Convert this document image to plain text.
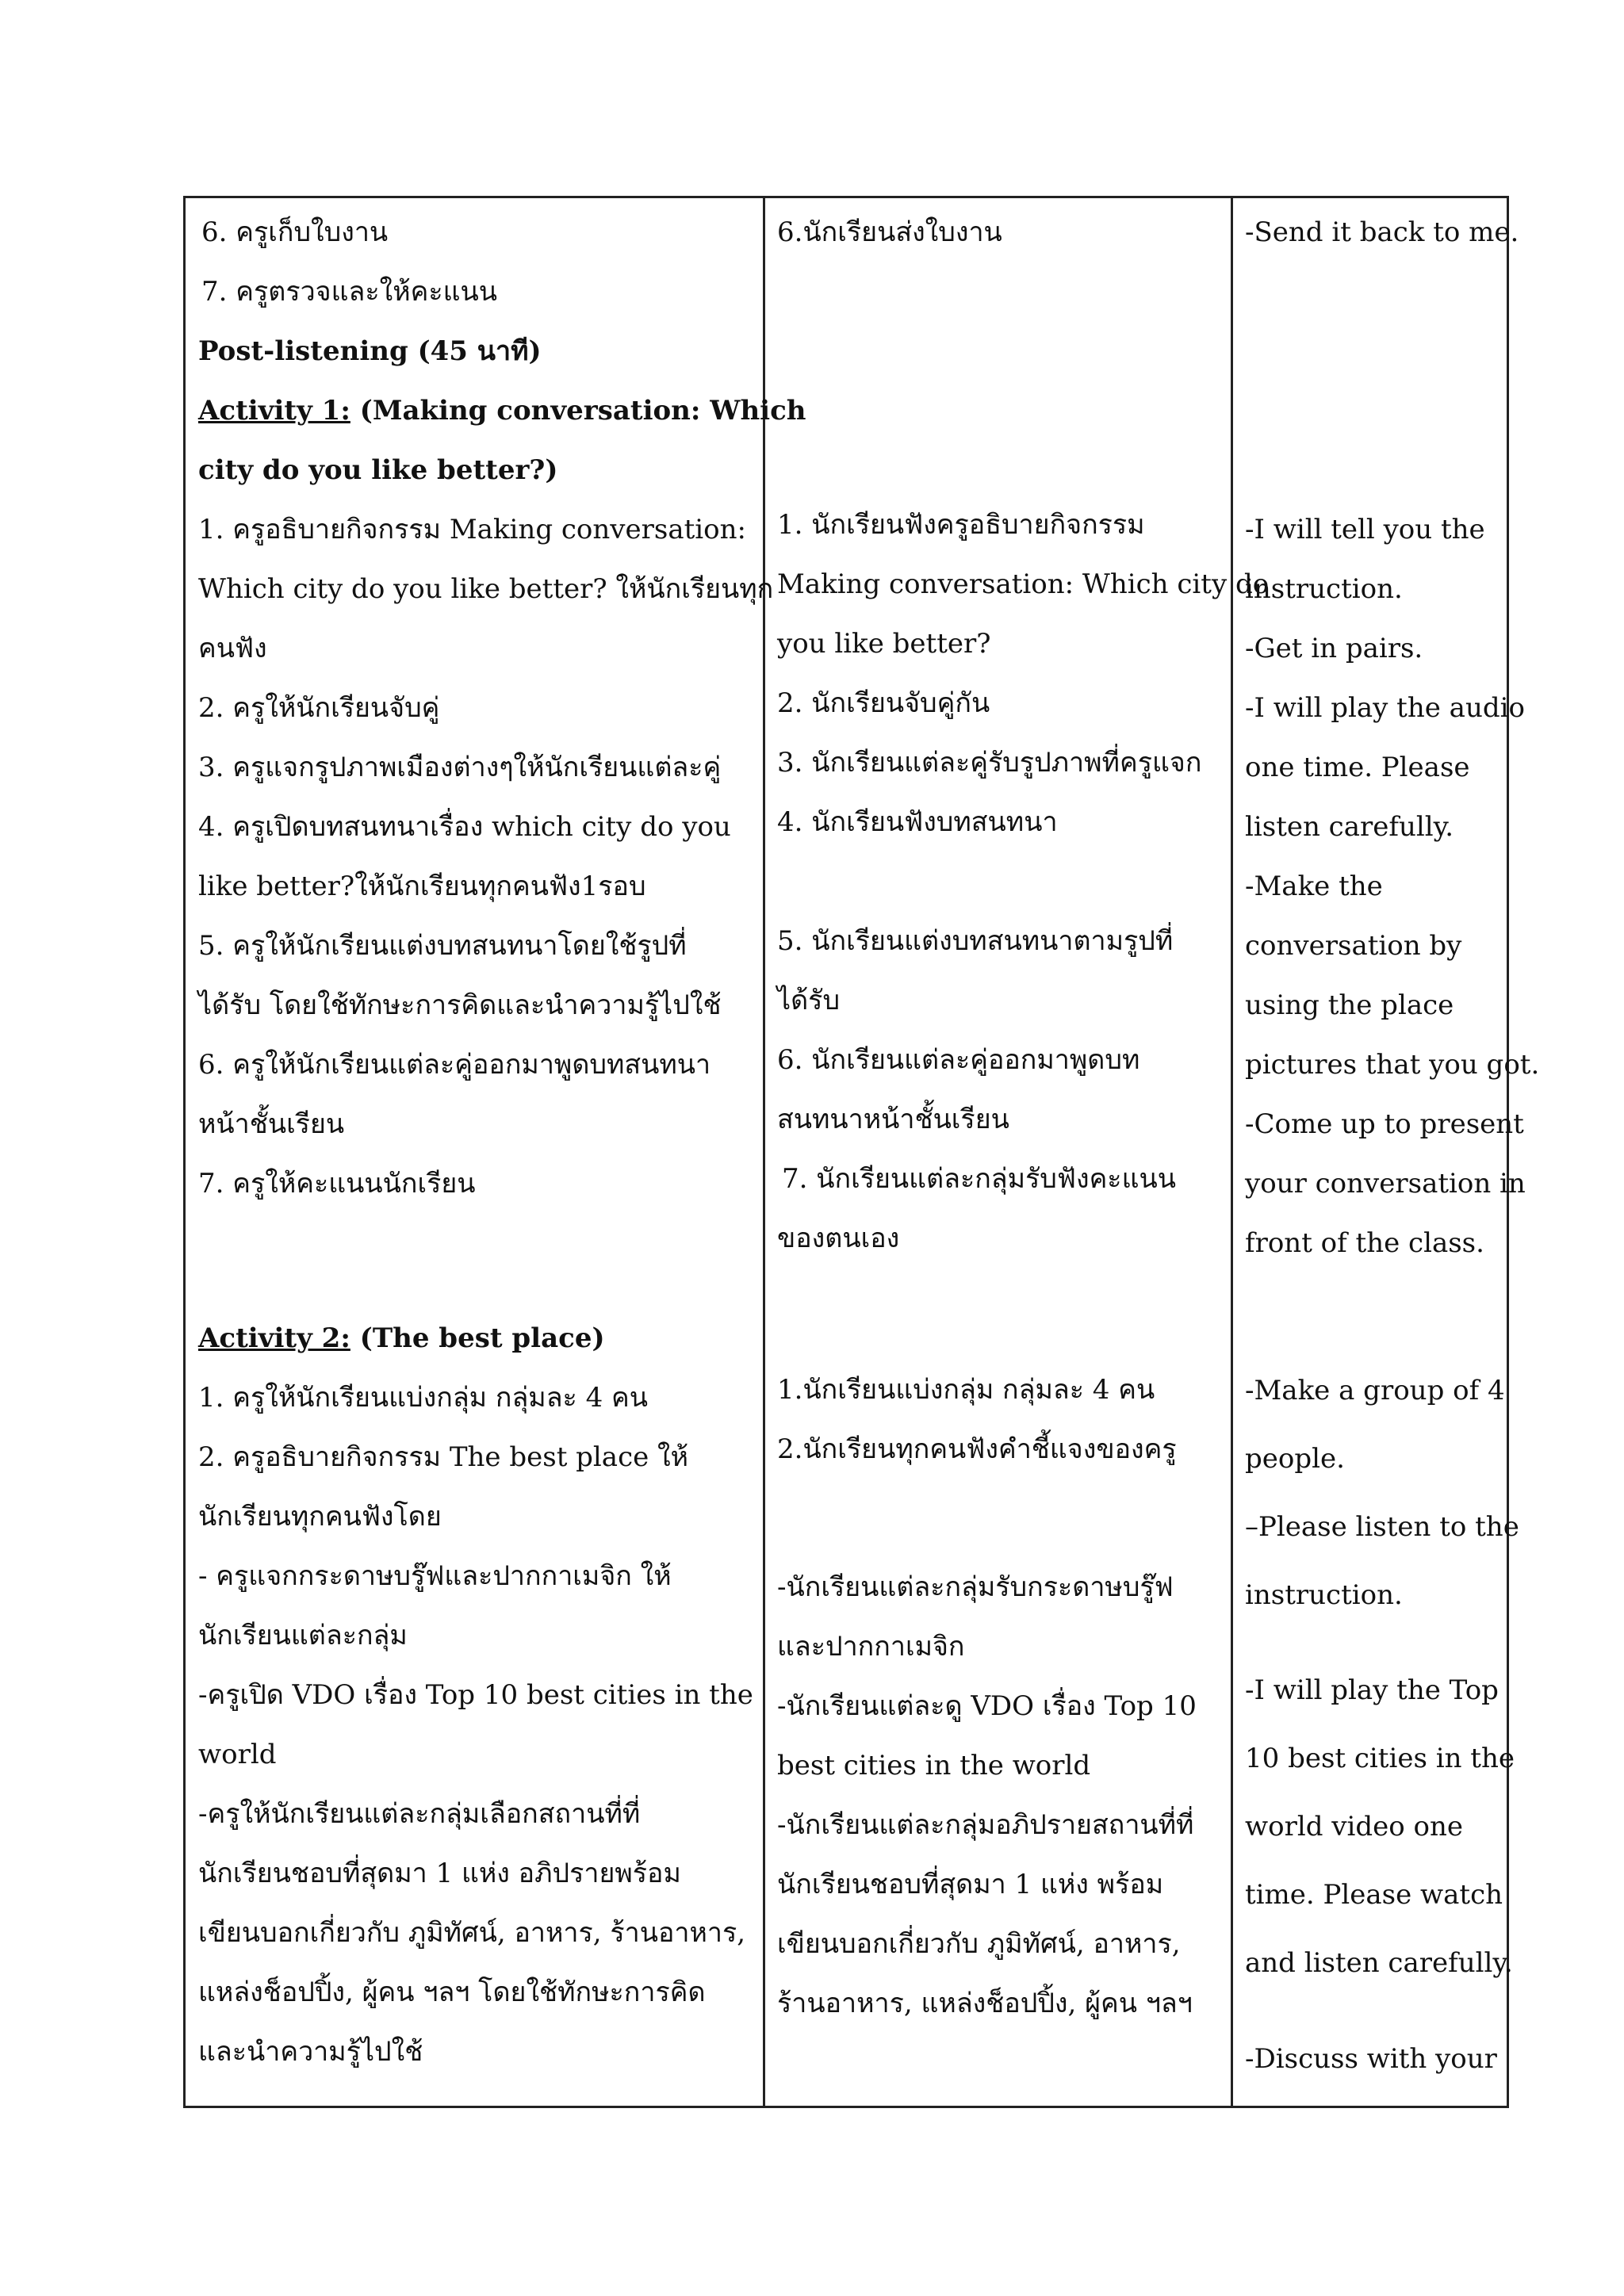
6. ครูเก็บใบงาน
7. ครูตรวจและให้คะแนน
Post-listening (45 นาที)
Activity 1: (Making conversation: Which
city do you like better?)
1. ครูอธิบายกิจกรรม Making conversation:
Which city do you like better? ให้นักเรียนทุก
คนฟัง
2. ครูให้นักเรียนจับคู่
3. ครูแจกรูปภาพเมืองต่างๆให้นักเรียนแต่ละคู่
4. ครูเปิดบทสนทนาเรื่อง which city do you
like better?ให้นักเรียนทุกคนฟัง1รอบ
5. ครูให้นักเรียนแต่งบทสนทนาโดยใช้รูปที่
ได้รับ โดยใช้ทักษะการคิดและนำความรู้ไปใช้
6. ครูให้นักเรียนแต่ละคู่ออกมาพูดบทสนทนา
หน้าชั้นเรียน
7. ครูให้คะแนนนักเรียน
Activity 2: (The best place)
1. ครูให้นักเรียนแบ่งกลุ่ม กลุ่มละ 4 คน
2. ครูอธิบายกิจกรรม The best place ให้
นักเรียนทุกคนฟังโดย
- ครูแจกกระดาษบรู๊ฟและปากกาเมจิก ให้
นักเรียนแต่ละกลุ่ม
-ครูเปิด VDO เรื่อง Top 10 best cities in the
world
-ครูให้นักเรียนแต่ละกลุ่มเลือกสถานที่ที่
นักเรียนชอบที่สุดมา 1 แห่ง อภิปรายพร้อม
เขียนบอกเกี่ยวกับ ภูมิทัศน์, อาหาร, ร้านอาหาร,
แหล่งช็อปปิ้ง, ผู้คน ฯลฯ โดยใช้ทักษะการคิด
และนำความรู้ไปใช้
6.นักเรียนส่งใบงาน
1. นักเรียนฟังครูอธิบายกิจกรรม
Making conversation: Which city do
you like better?
2. นักเรียนจับคู่กัน
3. นักเรียนแต่ละคู่รับรูปภาพที่ครูแจก
4. นักเรียนฟังบทสนทนา
5. นักเรียนแต่งบทสนทนาตามรูปที่
ได้รับ
6. นักเรียนแต่ละคู่ออกมาพูดบท
สนทนาหน้าชั้นเรียน
7. นักเรียนแต่ละกลุ่มรับฟังคะแนน
ของตนเอง
1.นักเรียนแบ่งกลุ่ม กลุ่มละ 4 คน
2.นักเรียนทุกคนฟังคำชี้แจงของครู
-นักเรียนแต่ละกลุ่มรับกระดาษบรู๊ฟ
และปากกาเมจิก
-นักเรียนแต่ละดู VDO เรื่อง Top 10
best cities in the world
-นักเรียนแต่ละกลุ่มอภิปรายสถานที่ที่
นักเรียนชอบที่สุดมา 1 แห่ง พร้อม
เขียนบอกเกี่ยวกับ ภูมิทัศน์, อาหาร,
ร้านอาหาร, แหล่งช็อปปิ้ง, ผู้คน ฯลฯ
-Send it back to me.
-I will tell you the
instruction.
-Get in pairs.
-I will play the audio
one time. Please
listen carefully.
-Make the
conversation by
using the place
pictures that you got.
-Come up to present
your conversation in
front of the class.
-Make a group of 4
people.
–Please listen to the
instruction.
-I will play the Top
10 best cities in the
world video one
time. Please watch
and listen carefully.
-Discuss with your
